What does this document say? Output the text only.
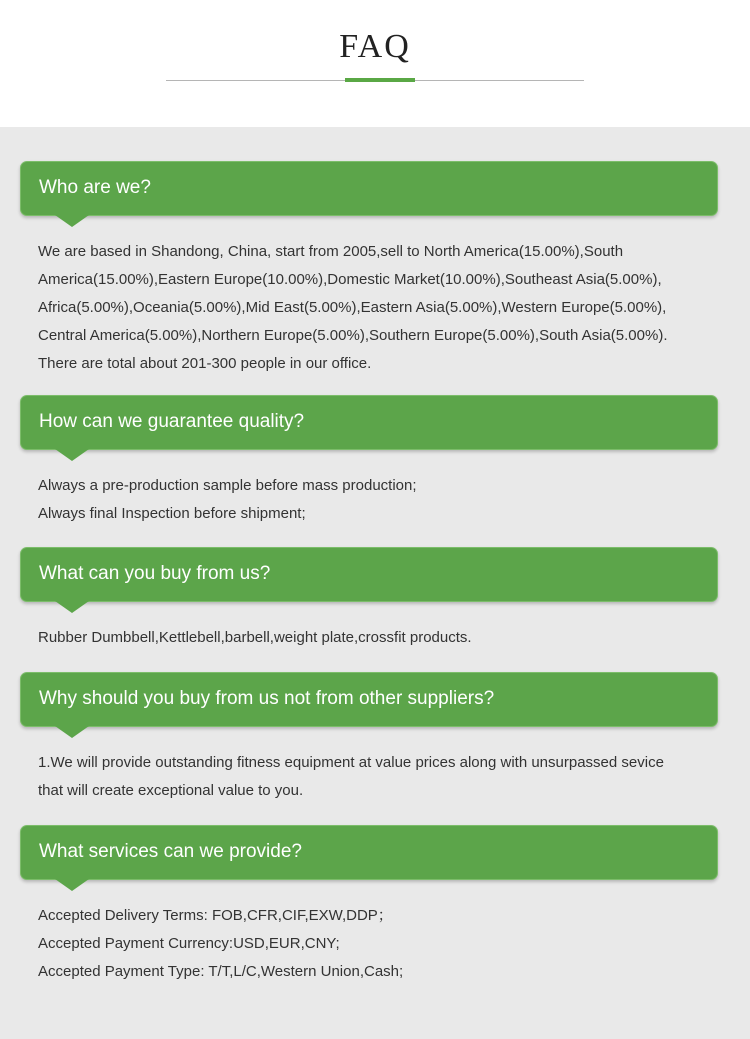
FAQ
Who are we?
We are based in Shandong, China, start from 2005,sell to North America(15.00%),South
America(15.00%),Eastern Europe(10.00%),Domestic Market(10.00%),Southeast Asia(5.00%),
Africa(5.00%),Oceania(5.00%),Mid East(5.00%),Eastern Asia(5.00%),Western Europe(5.00%),
Central America(5.00%),Northern Europe(5.00%),Southern Europe(5.00%),South Asia(5.00%).
There are total about 201-300 people in our office.
How can we guarantee quality?
Always a pre-production sample before mass production;
Always final Inspection before shipment;
What can you buy from us?
Rubber Dumbbell,Kettlebell,barbell,weight plate,crossfit products.
Why should you buy from us not from other suppliers?
1.We will provide outstanding fitness equipment at value prices along with unsurpassed sevice
that will create exceptional value to you.
What services can we provide?
Accepted Delivery Terms: FOB,CFR,CIF,EXW,DDP；
Accepted Payment Currency:USD,EUR,CNY;
Accepted Payment Type: T/T,L/C,Western Union,Cash;
